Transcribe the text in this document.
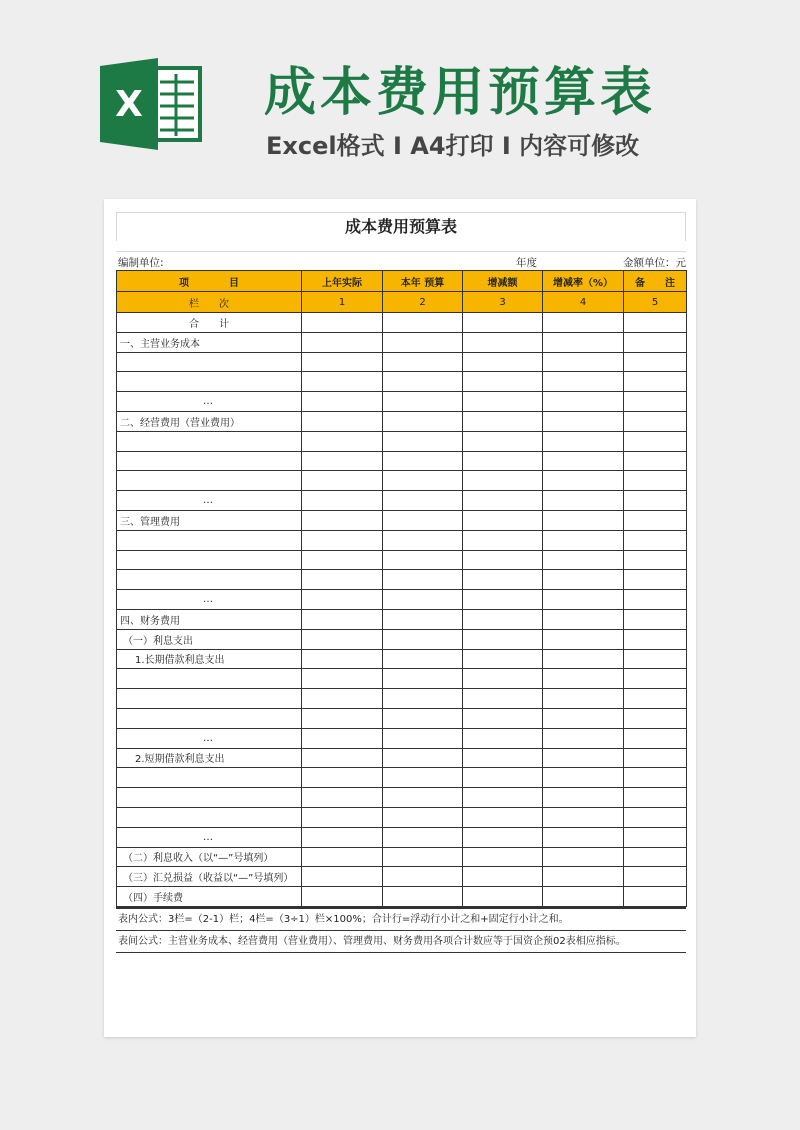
X 成本费用预算表
Excel格式 I A4打印 I 内容可修改
成本费用预算表
编制单位:	年度	金额单位：元
项　　　　目	上年实际	本年 预算	增减额	增减率（%）	备　　注
栏　　次	1	2	3	4	5
合　　计					
一、主营业务成本					

…					
二、经营费用（营业费用）					

…					
三、管理费用					

…					
四、财务费用					
（一）利息支出					
1.长期借款利息支出					

…					
2.短期借款利息支出					

…					
（二）利息收入（以“—”号填列）					
（三）汇兑损益（收益以“—”号填列）					
（四）手续费					
表内公式：3栏=（2-1）栏；4栏=（3÷1）栏×100%；合计行=浮动行小计之和+固定行小计之和。
表间公式：主营业务成本、经营费用（营业费用）、管理费用、财务费用各项合计数应等于国资企预02表相应指标。
